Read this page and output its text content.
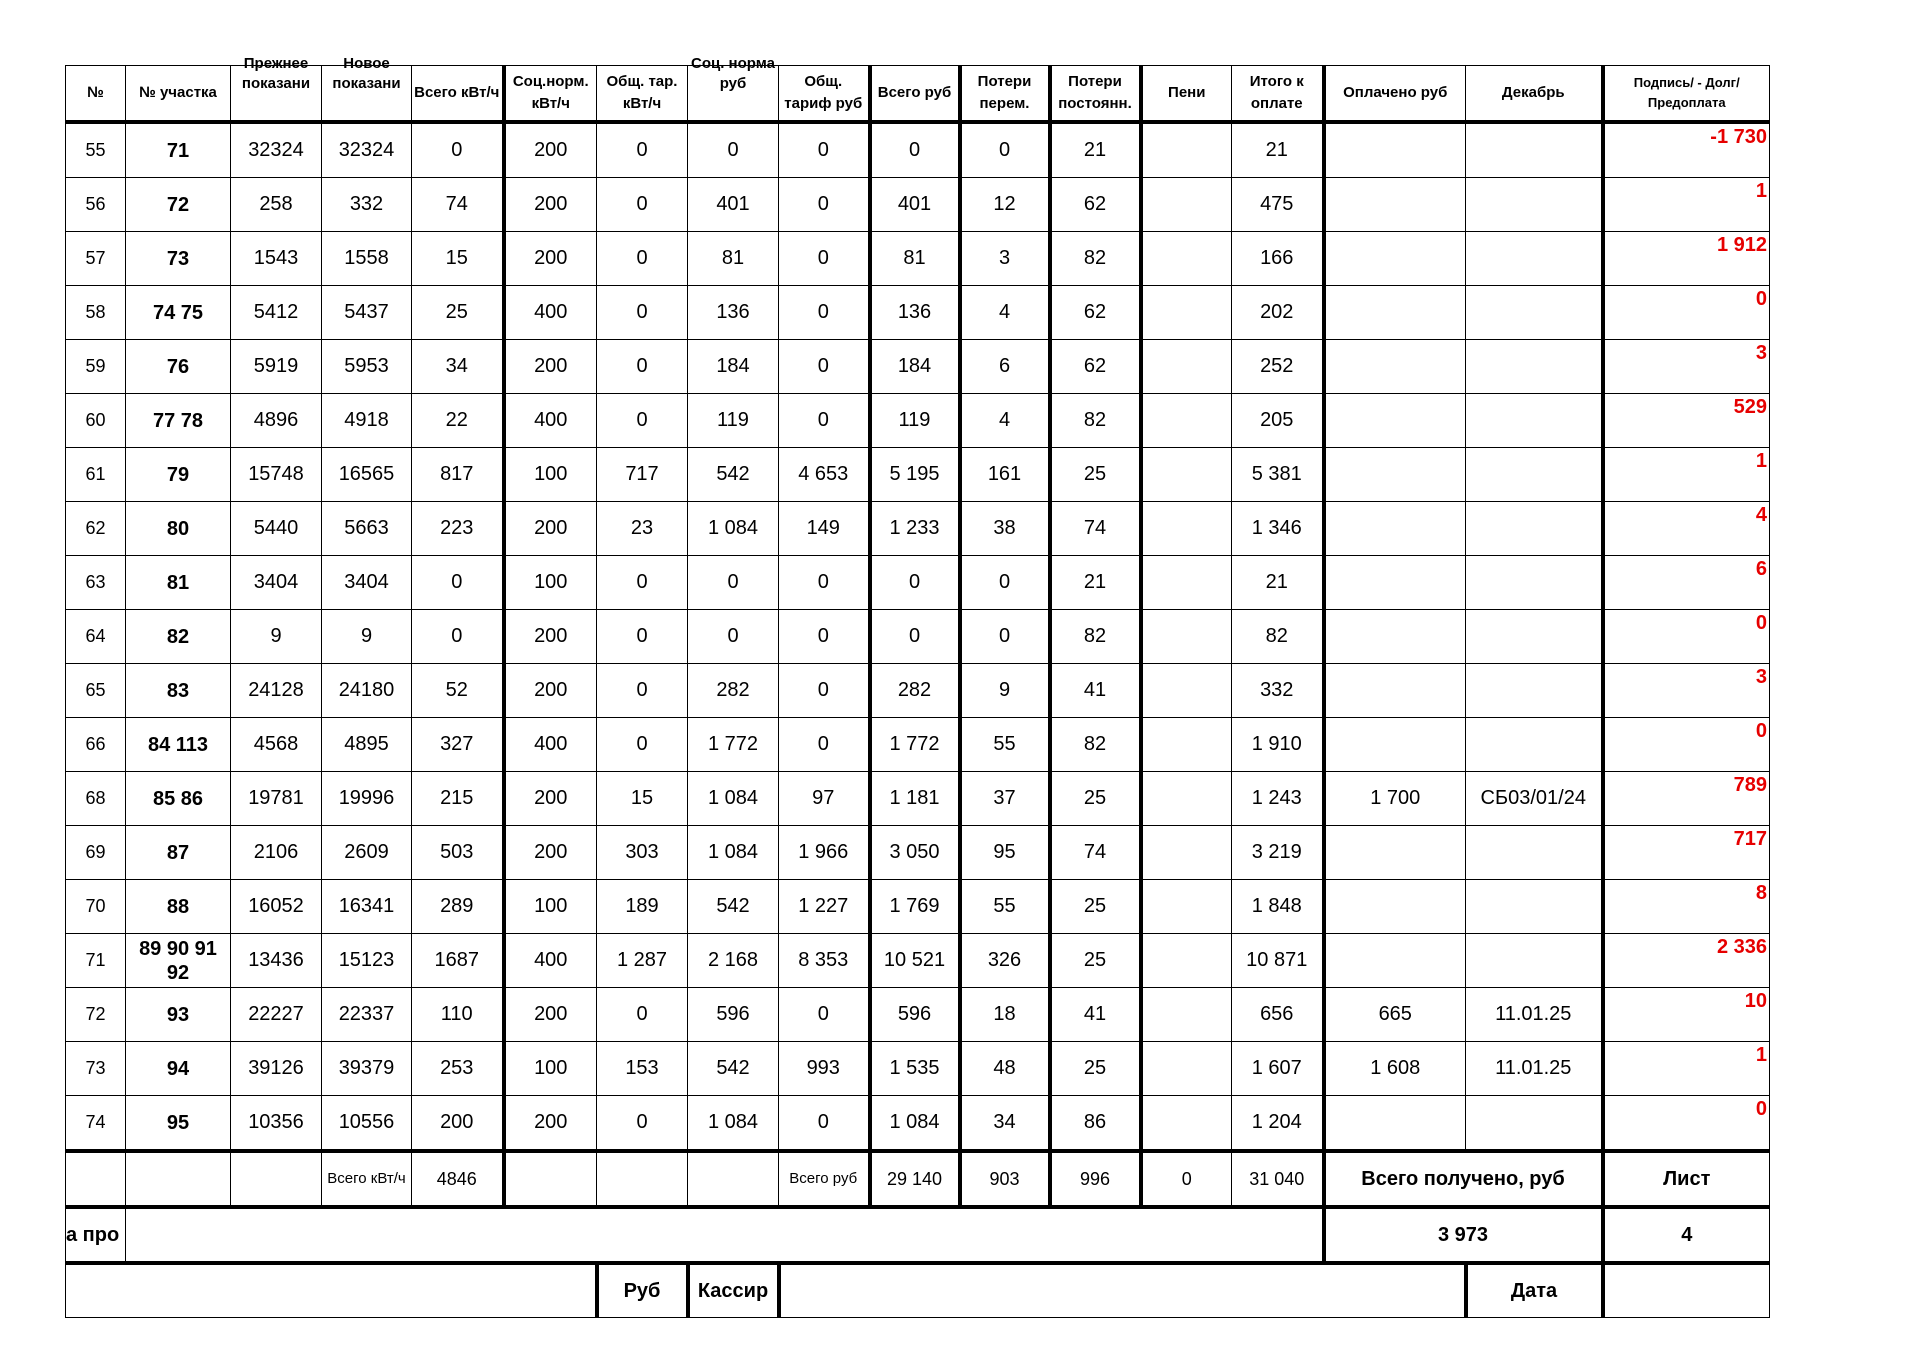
№	№ участка	Прежнее показани	Новое показани	Всего кВт/ч	Соц.норм. кВт/ч	Общ. тар. кВт/ч	Соц. норма руб	Общ. тариф руб	Всего руб	Потери перем.	Потери постоянн.	Пени	Итого к оплате	Оплачено руб	Декабрь	Подпись/ - Долг/Предоплата
55	71	32324	32324	0	200	0	0	0	0	0	21		21			-1 730
56	72	258	332	74	200	0	401	0	401	12	62		475			1
57	73	1543	1558	15	200	0	81	0	81	3	82		166			1 912
58	74 75	5412	5437	25	400	0	136	0	136	4	62		202			0
59	76	5919	5953	34	200	0	184	0	184	6	62		252			3
60	77 78	4896	4918	22	400	0	119	0	119	4	82		205			529
61	79	15748	16565	817	100	717	542	4 653	5 195	161	25		5 381			1
62	80	5440	5663	223	200	23	1 084	149	1 233	38	74		1 346			4
63	81	3404	3404	0	100	0	0	0	0	0	21		21			6
64	82	9	9	0	200	0	0	0	0	0	82		82			0
65	83	24128	24180	52	200	0	282	0	282	9	41		332			3
66	84 113	4568	4895	327	400	0	1 772	0	1 772	55	82		1 910			0
68	85 86	19781	19996	215	200	15	1 084	97	1 181	37	25		1 243	1 700	СБ03/01/24	789
69	87	2106	2609	503	200	303	1 084	1 966	3 050	95	74		3 219			717
70	88	16052	16341	289	100	189	542	1 227	1 769	55	25		1 848			8
71	89 90 91 92	13436	15123	1687	400	1 287	2 168	8 353	10 521	326	25		10 871			2 336
72	93	22227	22337	110	200	0	596	0	596	18	41		656	665	11.01.25	10
73	94	39126	39379	253	100	153	542	993	1 535	48	25		1 607	1 608	11.01.25	1
74	95	10356	10556	200	200	0	1 084	0	1 084	34	86		1 204			0
			Всего кВт/ч	4846				Всего руб	29 140	903	996	0	31 040	Всего получено, руб		Лист
а про														3 973		4
						Руб	Кассир								Дата	
